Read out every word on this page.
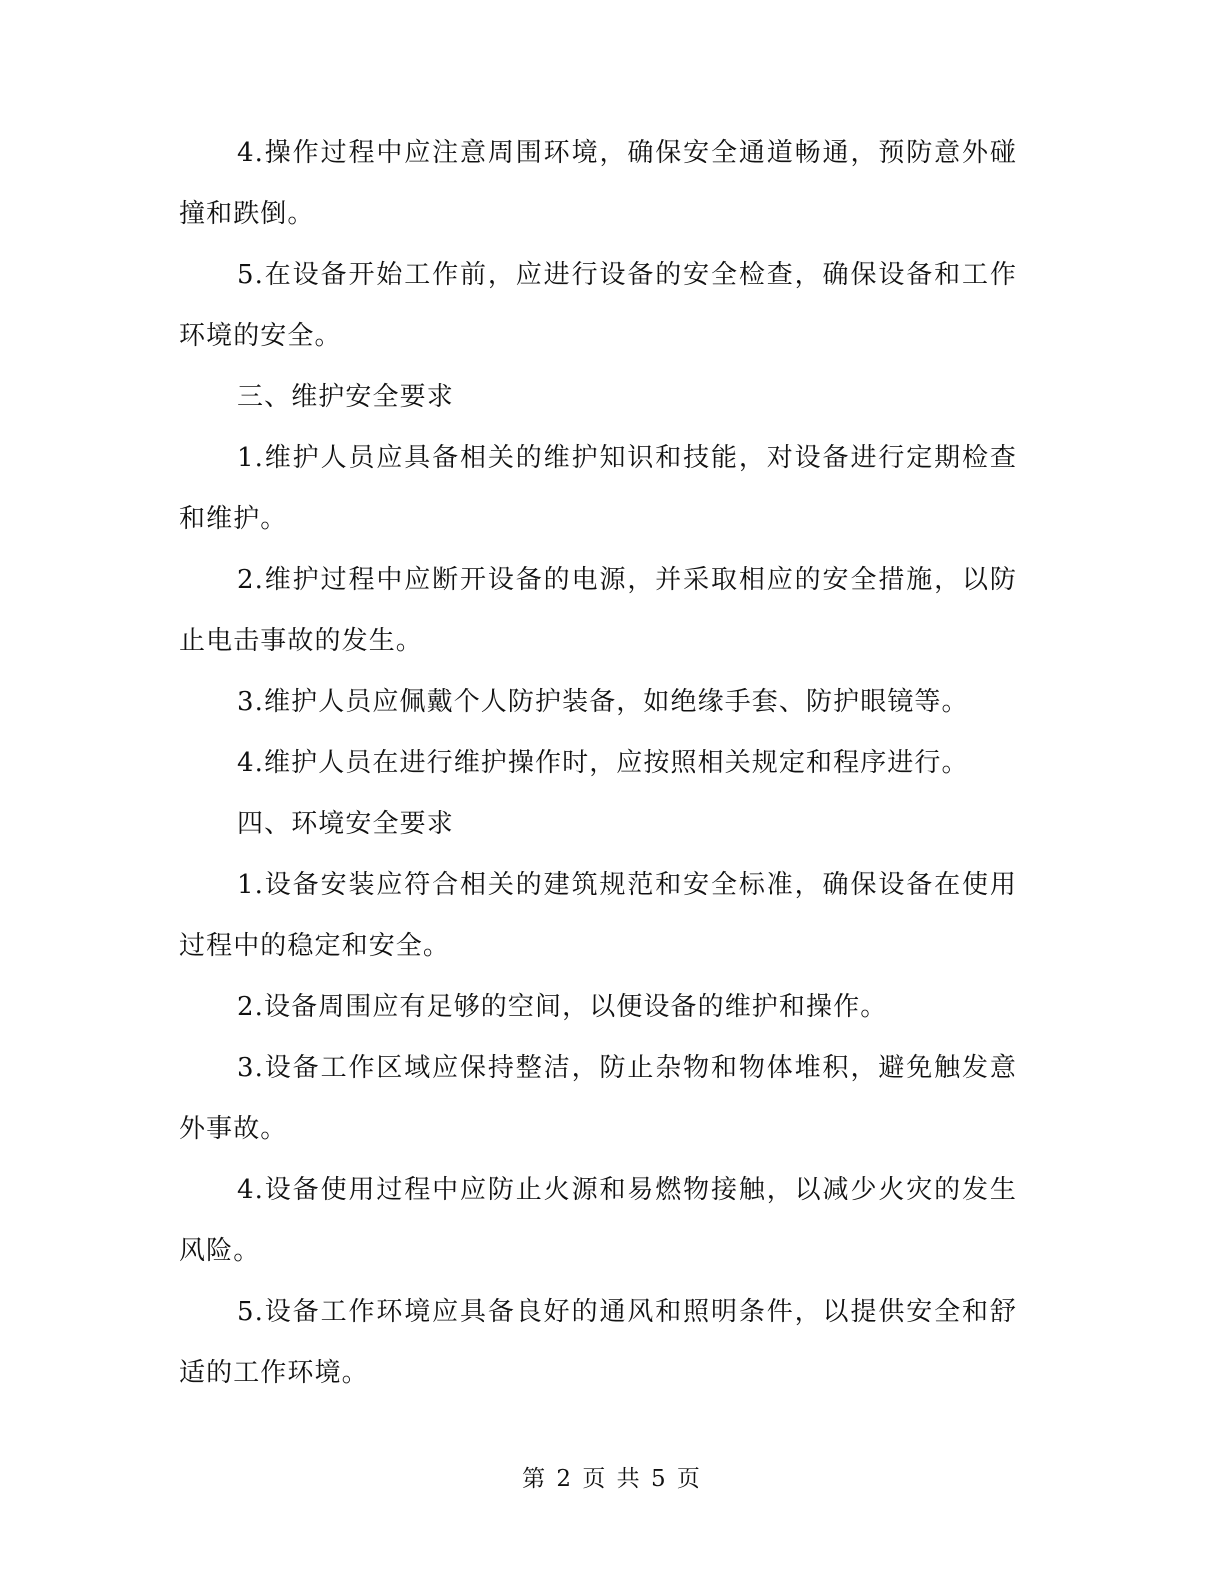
4.操作过程中应注意周围环境，确保安全通道畅通，预防意外碰撞和跌倒。

5.在设备开始工作前，应进行设备的安全检查，确保设备和工作环境的安全。

三、维护安全要求

1.维护人员应具备相关的维护知识和技能，对设备进行定期检查和维护。

2.维护过程中应断开设备的电源，并采取相应的安全措施，以防止电击事故的发生。

3.维护人员应佩戴个人防护装备，如绝缘手套、防护眼镜等。

4.维护人员在进行维护操作时，应按照相关规定和程序进行。

四、环境安全要求

1.设备安装应符合相关的建筑规范和安全标准，确保设备在使用过程中的稳定和安全。

2.设备周围应有足够的空间，以便设备的维护和操作。

3.设备工作区域应保持整洁，防止杂物和物体堆积，避免触发意外事故。

4.设备使用过程中应防止火源和易燃物接触，以减少火灾的发生风险。

5.设备工作环境应具备良好的通风和照明条件，以提供安全和舒适的工作环境。

第 2 页 共 5 页
